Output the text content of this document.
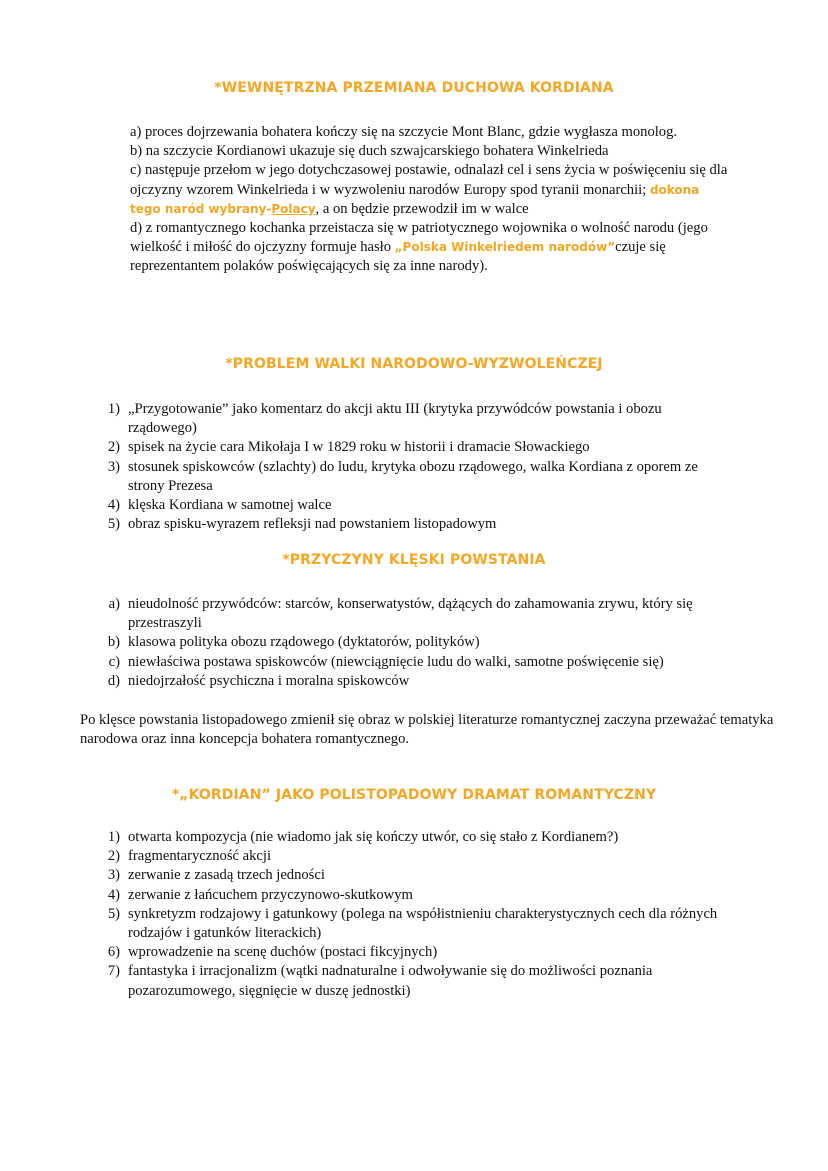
*WEWNĘTRZNA PRZEMIANA DUCHOWA KORDIANA
a) proces dojrzewania bohatera kończy się na szczycie Mont Blanc, gdzie wygłasza monolog.
b) na szczycie Kordianowi ukazuje się duch szwajcarskiego bohatera Winkelrieda
c) następuje przełom w jego dotychczasowej postawie, odnalazł cel i sens życia w poświęceniu się dla ojczyzny wzorem Winkelrieda i w wyzwoleniu narodów Europy spod tyranii monarchii; dokona tego naród wybrany-Polacy, a on będzie przewodził im w walce
d) z romantycznego kochanka przeistacza się w patriotycznego wojownika o wolność narodu (jego wielkość i miłość do ojczyzny formuje hasło „Polska Winkelriedem narodów”czuje się reprezentantem polaków poświęcających się za inne narody).
*PROBLEM WALKI NARODOWO-WYZWOLEŃCZEJ
1) „Przygotowanie” jako komentarz do akcji aktu III (krytyka przywódców powstania i obozu rządowego)
2) spisek na życie cara Mikołaja I w 1829 roku w historii i dramacie Słowackiego
3) stosunek spiskowców (szlachty) do ludu, krytyka obozu rządowego, walka Kordiana z oporem ze strony Prezesa
4) klęska Kordiana w samotnej walce
5) obraz spisku-wyrazem refleksji nad powstaniem listopadowym
*PRZYCZYNY KLĘSKI POWSTANIA
a) nieudolność przywódców: starców, konserwatystów, dążących do zahamowania zrywu, który się przestraszyli
b) klasowa polityka obozu rządowego (dyktatorów, polityków)
c) niewłaściwa postawa spiskowców (niewciągnięcie ludu do walki, samotne poświęcenie się)
d) niedojrzałość psychiczna i moralna spiskowców
Po klęsce powstania listopadowego zmienił się obraz w polskiej literaturze romantycznej zaczyna przeważać tematyka narodowa oraz inna koncepcja bohatera romantycznego.
*„KORDIAN” JAKO POLISTOPADOWY DRAMAT ROMANTYCZNY
1) otwarta kompozycja (nie wiadomo jak się kończy utwór, co się stało z Kordianem?)
2) fragmentaryczność akcji
3) zerwanie z zasadą trzech jedności
4) zerwanie z łańcuchem przyczynowo-skutkowym
5) synkretyzm rodzajowy i gatunkowy (polega na współistnieniu charakterystycznych cech dla różnych rodzajów i gatunków literackich)
6) wprowadzenie na scenę duchów (postaci fikcyjnych)
7) fantastyka i irracjonalizm (wątki nadnaturalne i odwoływanie się do możliwości poznania pozarozumowego, sięgnięcie w duszę jednostki)
